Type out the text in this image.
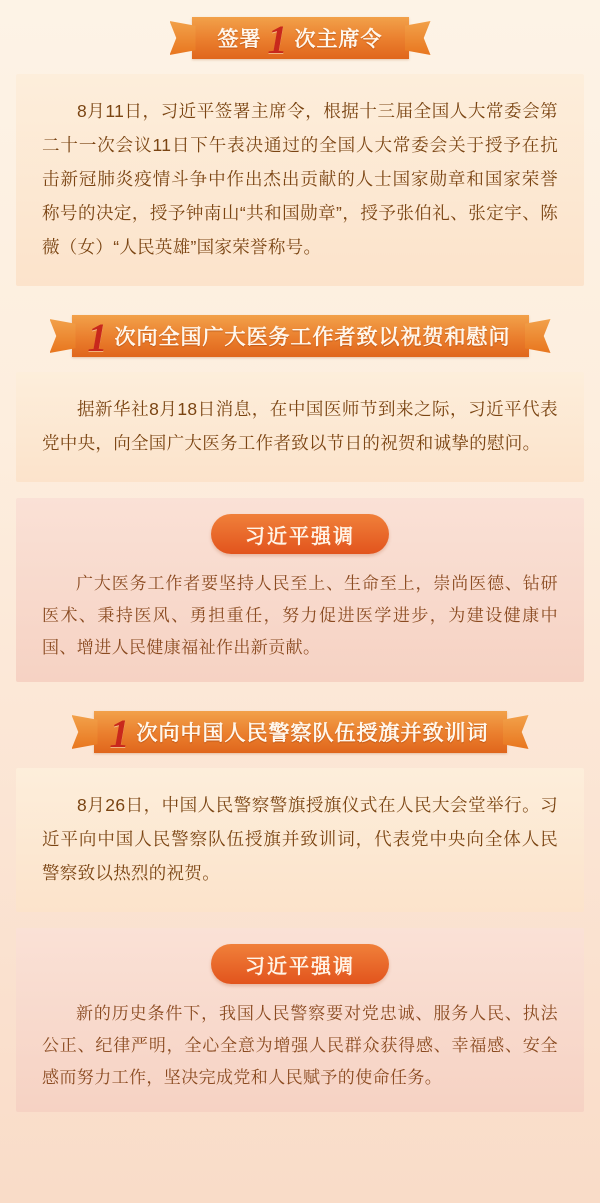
签署 1 次主席令

8月11日，习近平签署主席令，根据十三届全国人大常委会第二十一次会议11日下午表决通过的全国人大常委会关于授予在抗击新冠肺炎疫情斗争中作出杰出贡献的人士国家勋章和国家荣誉称号的决定，授予钟南山“共和国勋章”，授予张伯礼、张定宇、陈薇（女）“人民英雄”国家荣誉称号。

1 次向全国广大医务工作者致以祝贺和慰问

据新华社8月18日消息，在中国医师节到来之际，习近平代表党中央，向全国广大医务工作者致以节日的祝贺和诚挚的慰问。

习近平强调

广大医务工作者要坚持人民至上、生命至上，崇尚医德、钻研医术、秉持医风、勇担重任，努力促进医学进步，为建设健康中国、增进人民健康福祉作出新贡献。

1 次向中国人民警察队伍授旗并致训词

8月26日，中国人民警察警旗授旗仪式在人民大会堂举行。习近平向中国人民警察队伍授旗并致训词，代表党中央向全体人民警察致以热烈的祝贺。

习近平强调

新的历史条件下，我国人民警察要对党忠诚、服务人民、执法公正、纪律严明，全心全意为增强人民群众获得感、幸福感、安全感而努力工作，坚决完成党和人民赋予的使命任务。
